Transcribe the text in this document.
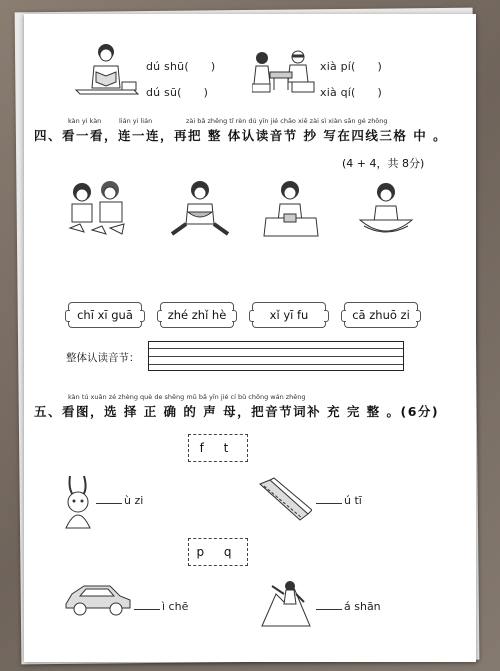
dú shū( )
dú sū( )
xià pí( )
xià qí( )
kàn yi kàn	lián yi lián	zài bǎ zhěng tǐ rèn dú yīn jié chāo xiě zài sì xiàn sān gé zhōng
四、看一看，连一连，再把 整 体认读音节 抄 写在四线三格 中 。
(4 + 4，共 8分)
chī xī guā	zhé zhǐ hè	xǐ yī fu	cā zhuō zi
整体认读音节：
kàn tú xuǎn zé zhèng què de shēng mǔ bǎ yīn jié cí bǔ chōng wán zhěng
五、看图，选 择 正 确 的 声 母，把音节词补 充 完 整 。(6分)
f t
ù zi	ú tī
p q
ì chē	á shān
